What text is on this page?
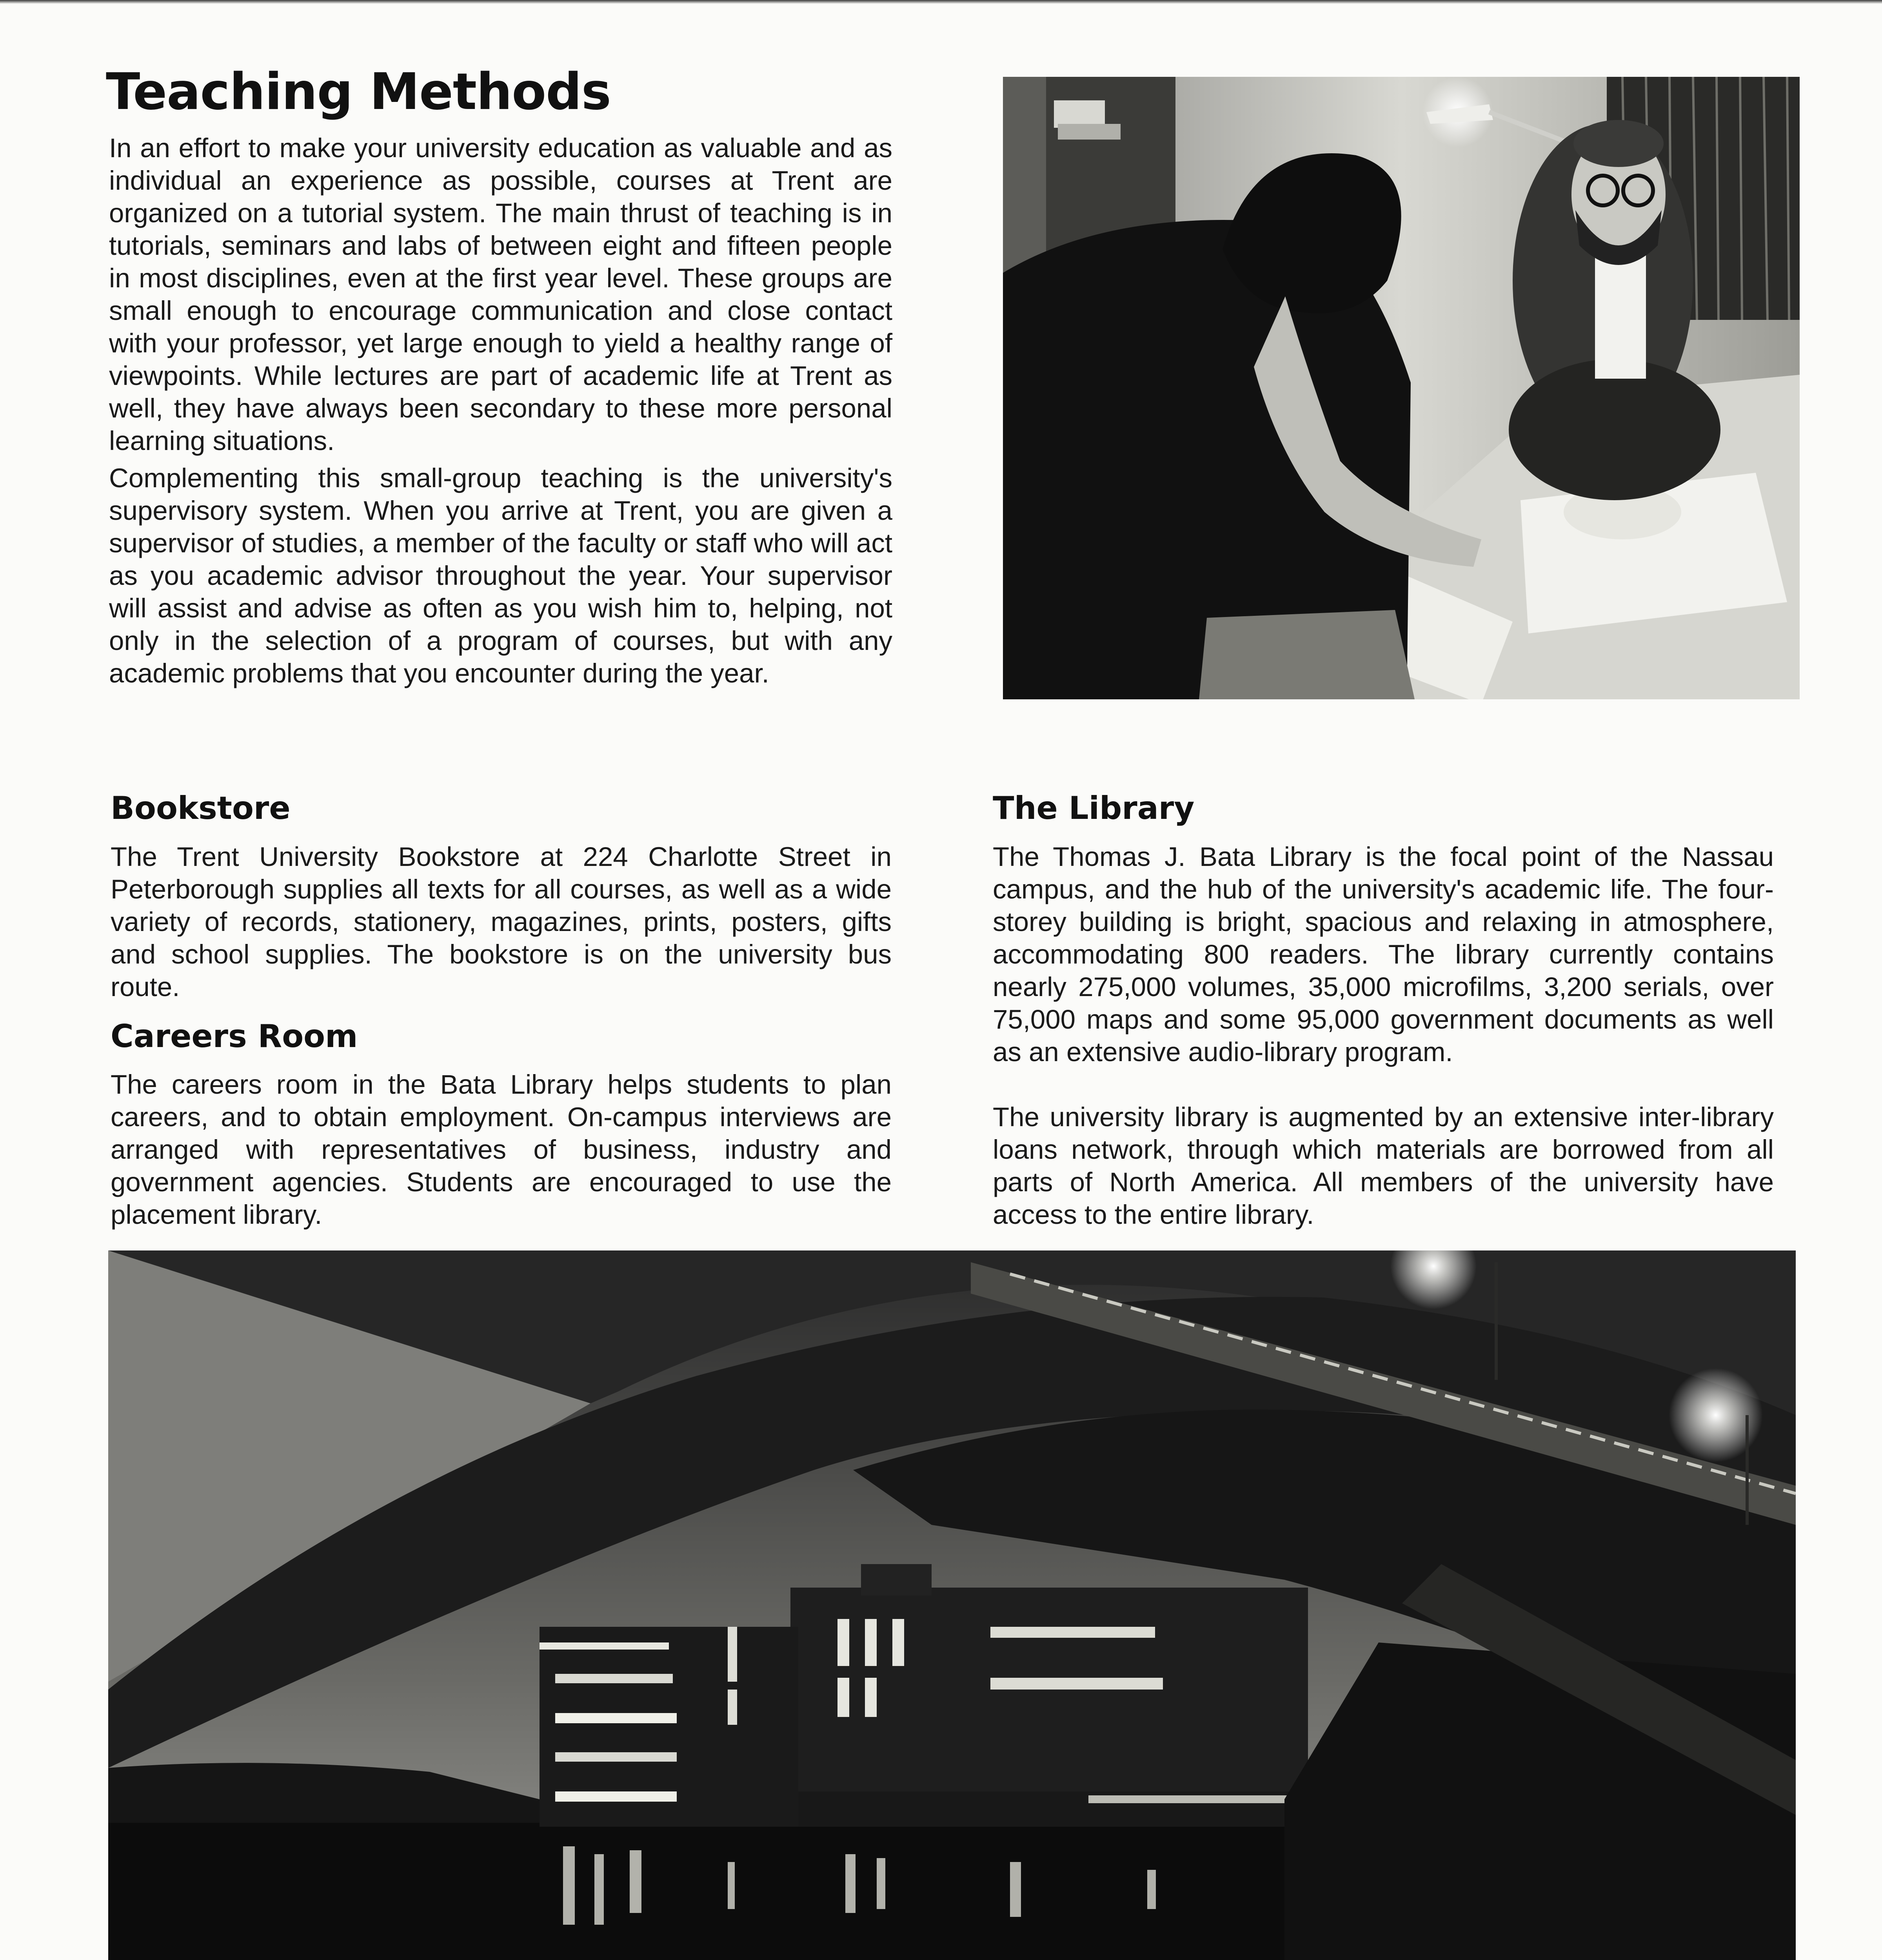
Teaching Methods

In an effort to make your university education as valuable and as individual an experience as possible, courses at Trent are organized on a tutorial system. The main thrust of teaching is in tutorials, seminars and labs of between eight and fifteen people in most disciplines, even at the first year level. These groups are small enough to encourage communication and close contact with your professor, yet large enough to yield a healthy range of viewpoints. While lectures are part of academic life at Trent as well, they have always been secondary to these more personal learning situations.

Complementing this small-group teaching is the university's supervisory system. When you arrive at Trent, you are given a supervisor of studies, a member of the faculty or staff who will act as you academic advisor throughout the year. Your supervisor will assist and advise as often as you wish him to, helping, not only in the selection of a program of courses, but with any academic problems that you encounter during the year.

Bookstore

The Trent University Bookstore at 224 Charlotte Street in Peterborough supplies all texts for all courses, as well as a wide variety of records, stationery, magazines, prints, posters, gifts and school supplies. The bookstore is on the university bus route.

Careers Room

The careers room in the Bata Library helps students to plan careers, and to obtain employment. On-campus interviews are arranged with representatives of business, industry and government agencies. Students are encouraged to use the placement library.

The Library

The Thomas J. Bata Library is the focal point of the Nassau campus, and the hub of the university's academic life. The four-storey building is bright, spacious and relaxing in atmosphere, accommodating 800 readers. The library currently contains nearly 275,000 volumes, 35,000 microfilms, 3,200 serials, over 75,000 maps and some 95,000 government documents as well as an extensive audio-library program.

The university library is augmented by an extensive inter-library loans network, through which materials are borrowed from all parts of North America. All members of the university have access to the entire library.
